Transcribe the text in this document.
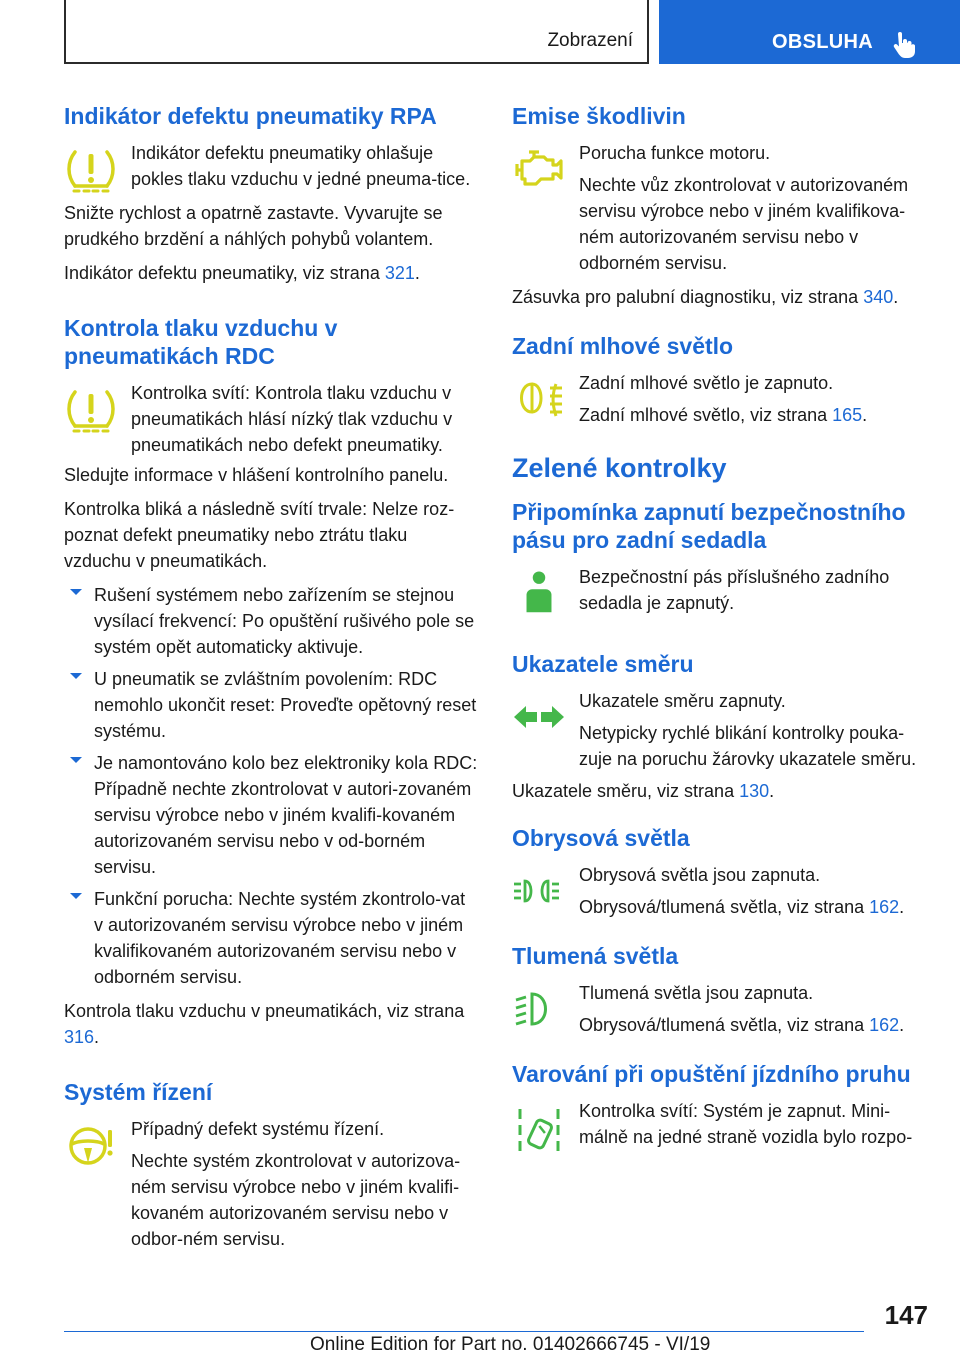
Zobrazení	OBSLUHA
Indikátor defektu pneumatiky RPA

Indikátor defektu pneumatiky ohlašuje pokles tlaku vzduchu v jedné pneuma-tice.

Snižte rychlost a opatrně zastavte. Vyvarujte se prudkého brzdění a náhlých pohybů volantem.

Indikátor defektu pneumatiky, viz strana 321.

Kontrola tlaku vzduchu v pneumatikách RDC

Kontrolka svítí: Kontrola tlaku vzduchu v pneumatikách hlásí nízký tlak vzduchu v pneumatikách nebo defekt pneumatiky.

Sledujte informace v hlášení kontrolního panelu.

Kontrolka bliká a následně svítí trvale: Nelze roz-poznat defekt pneumatiky nebo ztrátu tlaku vzduchu v pneumatikách.

Rušení systémem nebo zařízením se stejnou vysílací frekvencí: Po opuštění rušivého pole se systém opět automaticky aktivuje.
U pneumatik se zvláštním povolením: RDC nemohlo ukončit reset: Proveďte opětovný reset systému.
Je namontováno kolo bez elektroniky kola RDC: Případně nechte zkontrolovat v autori-zovaném servisu výrobce nebo v jiném kvalifi-kovaném autorizovaném servisu nebo v od-borném servisu.
Funkční porucha: Nechte systém zkontrolo-vat v autorizovaném servisu výrobce nebo v jiném kvalifikovaném autorizovaném servisu nebo v odborném servisu.

Kontrola tlaku vzduchu v pneumatikách, viz strana 316.

Systém řízení

Případný defekt systému řízení.

Nechte systém zkontrolovat v autorizova-ném servisu výrobce nebo v jiném kvalifi-kovaném autorizovaném servisu nebo v odbor-ném servisu.

Emise škodlivin

Porucha funkce motoru.

Nechte vůz zkontrolovat v autorizovaném servisu výrobce nebo v jiném kvalifikova-ném autorizovaném servisu nebo v odborném servisu.

Zásuvka pro palubní diagnostiku, viz strana 340.

Zadní mlhové světlo

Zadní mlhové světlo je zapnuto.

Zadní mlhové světlo, viz strana 165.

Zelené kontrolky
Připomínka zapnutí bezpečnostního pásu pro zadní sedadla

Bezpečnostní pás příslušného zadního sedadla je zapnutý.

Ukazatele směru

Ukazatele směru zapnuty.

Netypicky rychlé blikání kontrolky pouka-zuje na poruchu žárovky ukazatele směru.

Ukazatele směru, viz strana 130.

Obrysová světla

Obrysová světla jsou zapnuta.

Obrysová/tlumená světla, viz strana 162.

Tlumená světla

Tlumená světla jsou zapnuta.

Obrysová/tlumená světla, viz strana 162.

Varování při opuštění jízdního pruhu

Kontrolka svítí: Systém je zapnut. Mini-málně na jedné straně vozidla bylo rozpo-

147
Online Edition for Part no. 01402666745 - VI/19
